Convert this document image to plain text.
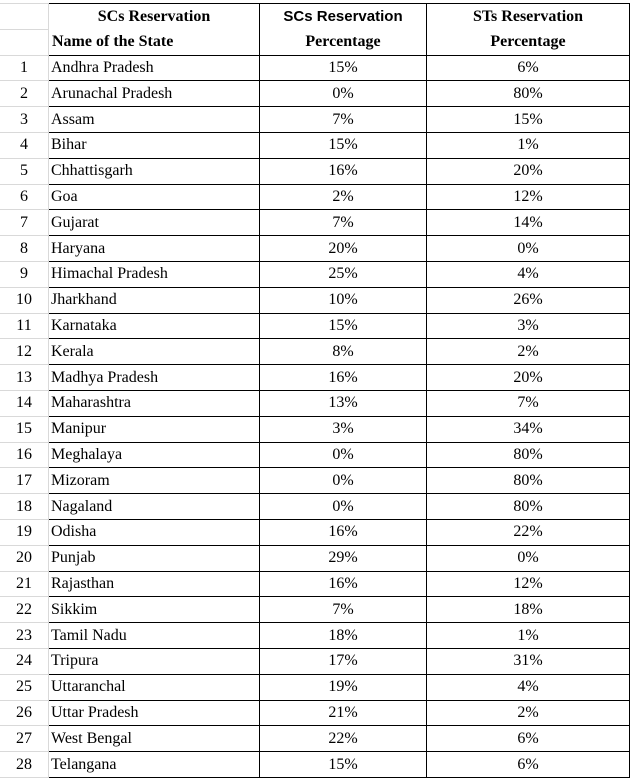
	SCs Reservation	SCs Reservation	STs Reservation
	Name of the State	Percentage	Percentage
1	Andhra Pradesh	15%	6%
2	Arunachal Pradesh	0%	80%
3	Assam	7%	15%
4	Bihar	15%	1%
5	Chhattisgarh	16%	20%
6	Goa	2%	12%
7	Gujarat	7%	14%
8	Haryana	20%	0%
9	Himachal Pradesh	25%	4%
10	Jharkhand	10%	26%
11	Karnataka	15%	3%
12	Kerala	8%	2%
13	Madhya Pradesh	16%	20%
14	Maharashtra	13%	7%
15	Manipur	3%	34%
16	Meghalaya	0%	80%
17	Mizoram	0%	80%
18	Nagaland	0%	80%
19	Odisha	16%	22%
20	Punjab	29%	0%
21	Rajasthan	16%	12%
22	Sikkim	7%	18%
23	Tamil Nadu	18%	1%
24	Tripura	17%	31%
25	Uttaranchal	19%	4%
26	Uttar Pradesh	21%	2%
27	West Bengal	22%	6%
28	Telangana	15%	6%
